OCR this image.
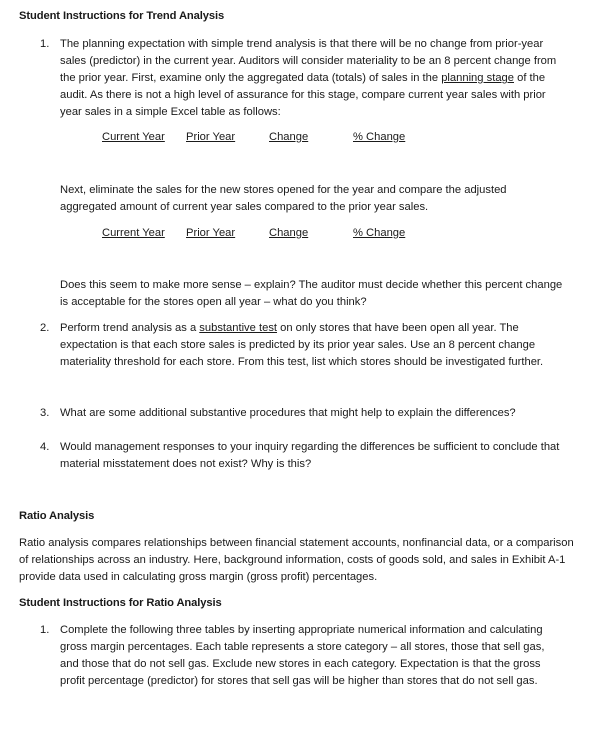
Student Instructions for Trend Analysis
1. The planning expectation with simple trend analysis is that there will be no change from prior-year sales (predictor) in the current year. Auditors will consider materiality to be an 8 percent change from the prior year. First, examine only the aggregated data (totals) of sales in the planning stage of the audit. As there is not a high level of assurance for this stage, compare current year sales with prior year sales in a simple Excel table as follows:
Current Year Prior Year	Change	% Change
Next, eliminate the sales for the new stores opened for the year and compare the adjusted aggregated amount of current year sales compared to the prior year sales.
Current Year Prior Year	Change	% Change
Does this seem to make more sense – explain? The auditor must decide whether this percent change is acceptable for the stores open all year – what do you think?
2. Perform trend analysis as a substantive test on only stores that have been open all year. The expectation is that each store sales is predicted by its prior year sales. Use an 8 percent change materiality threshold for each store. From this test, list which stores should be investigated further.
3. What are some additional substantive procedures that might help to explain the differences?
4. Would management responses to your inquiry regarding the differences be sufficient to conclude that material misstatement does not exist? Why is this?
Ratio Analysis
Ratio analysis compares relationships between financial statement accounts, nonfinancial data, or a comparison of relationships across an industry. Here, background information, costs of goods sold, and sales in Exhibit A-1 provide data used in calculating gross margin (gross profit) percentages.
Student Instructions for Ratio Analysis
1. Complete the following three tables by inserting appropriate numerical information and calculating gross margin percentages. Each table represents a store category – all stores, those that sell gas, and those that do not sell gas. Exclude new stores in each category. Expectation is that the gross profit percentage (predictor) for stores that sell gas will be higher than stores that do not sell gas.
